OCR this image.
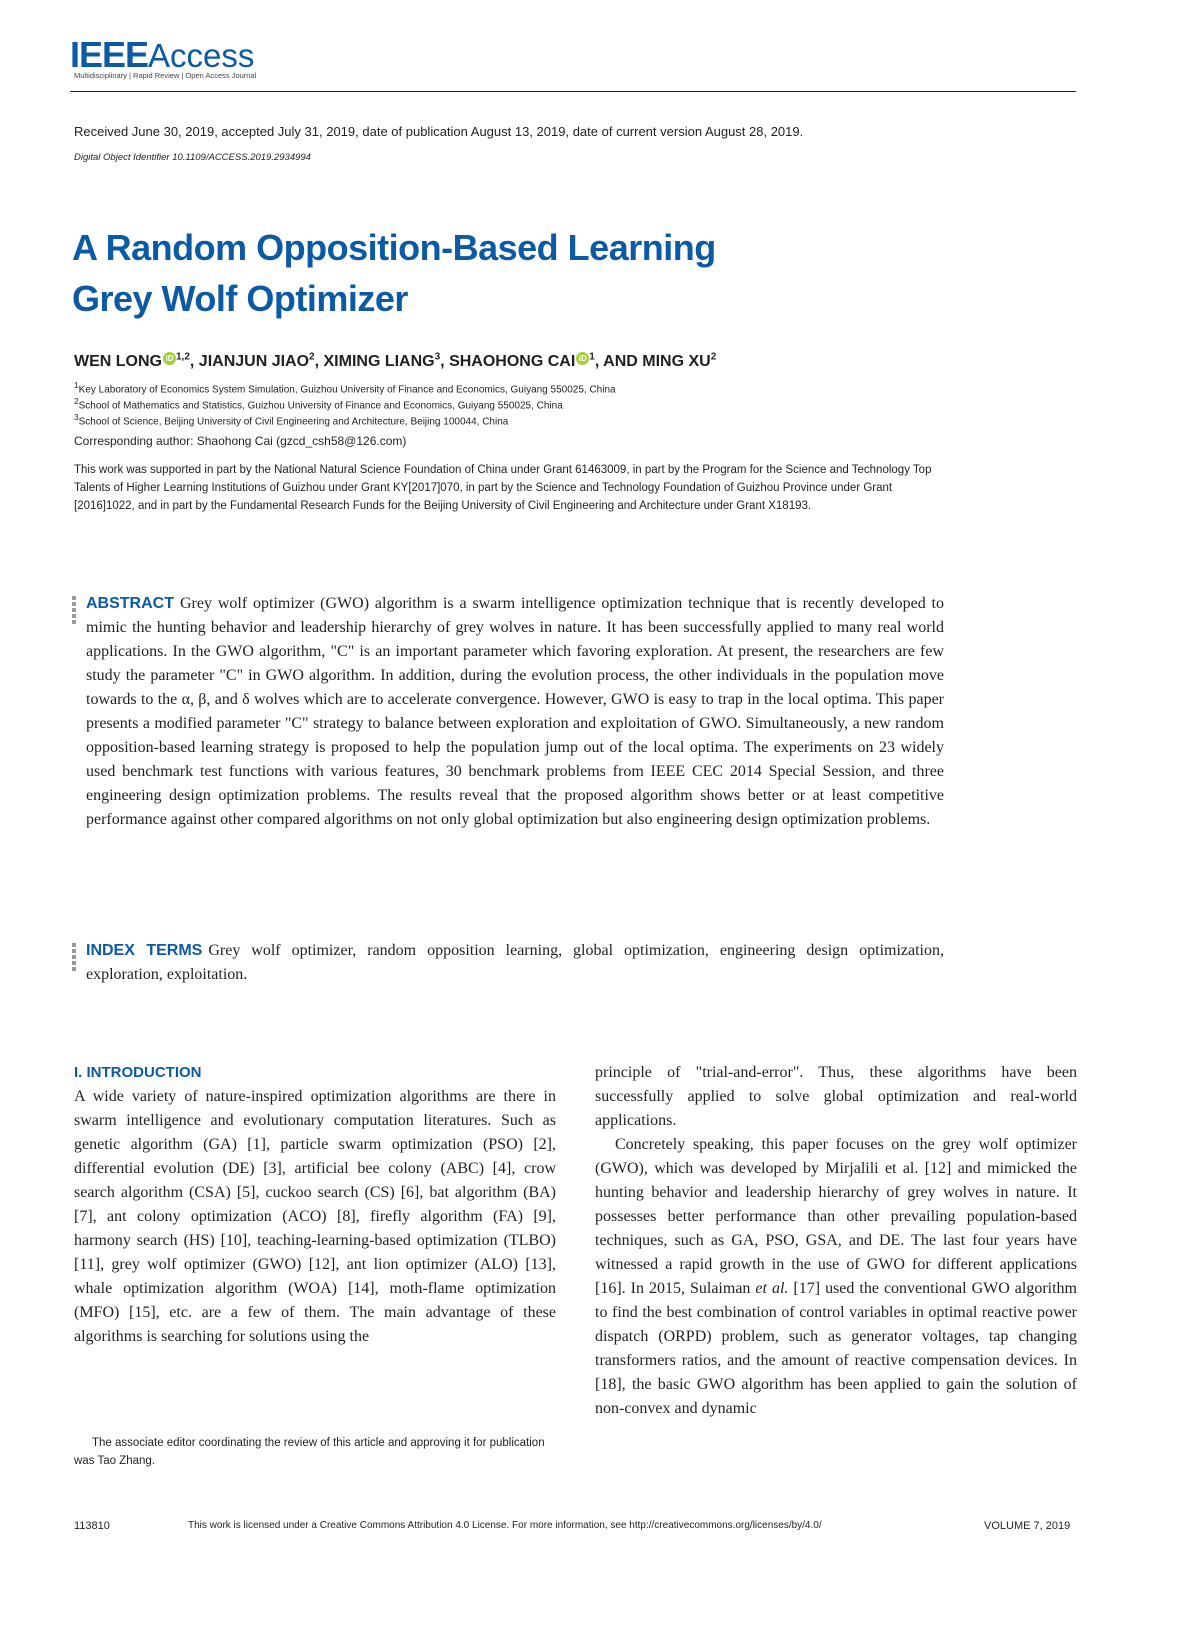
IEEEAccess
Multidisciplinary | Rapid Review | Open Access Journal
Received June 30, 2019, accepted July 31, 2019, date of publication August 13, 2019, date of current version August 28, 2019.
Digital Object Identifier 10.1109/ACCESS.2019.2934994
A Random Opposition-Based Learning
Grey Wolf Optimizer
WEN LONG iD $^{1,2}$, JIANJUN JIAO$^2$, XIMING LIANG$^3$, SHAOHONG CAI iD $^1$, AND MING $XU^2$
$^1$Key Laboratory of Economics System Simulation, Guizhou University of Finance and Economics, Guiyang 550025, China
$^2$School of Mathematics and Statistics, Guizhou University of Finance and Economics, Guiyang 550025, China
$^3$School of Science, Beijing University of Civil Engineering and Architecture, Beijing 100044, China
Corresponding author: Shaohong Cai (gzcd_csh58@126.com)
This work was supported in part by the National Natural Science Foundation of China under Grant 61463009, in part by the Program for the Science and Technology Top Talents of Higher Learning Institutions of Guizhou under Grant KY[2017]070, in part by the Science and Technology Foundation of Guizhou Province under Grant [2016]1022, and in part by the Fundamental Research Funds for the Beijing University of Civil Engineering and Architecture under Grant X18193.
ABSTRACT Grey wolf optimizer (GWO) algorithm is a swarm intelligence optimization technique that is recently developed to mimic the hunting behavior and leadership hierarchy of grey wolves in nature. It has been successfully applied to many real world applications. In the GWO algorithm, "C" is an important parameter which favoring exploration. At present, the researchers are few study the parameter "C" in GWO algorithm. In addition, during the evolution process, the other individuals in the population move towards to the α, β, and δ wolves which are to accelerate convergence. However, GWO is easy to trap in the local optima. This paper presents a modified parameter "C" strategy to balance between exploration and exploitation of GWO. Simultaneously, a new random opposition-based learning strategy is proposed to help the population jump out of the local optima. The experiments on 23 widely used benchmark test functions with various features, 30 benchmark problems from IEEE CEC 2014 Special Session, and three engineering design optimization problems. The results reveal that the proposed algorithm shows better or at least competitive performance against other compared algorithms on not only global optimization but also engineering design optimization problems.
INDEX TERMS Grey wolf optimizer, random opposition learning, global optimization, engineering design optimization, exploration, exploitation.
I. INTRODUCTION

A wide variety of nature-inspired optimization algorithms are there in swarm intelligence and evolutionary computation literatures. Such as genetic algorithm (GA) [1], particle swarm optimization (PSO) [2], differential evolution (DE) [3], artificial bee colony (ABC) [4], crow search algorithm (CSA) [5], cuckoo search (CS) [6], bat algorithm (BA) [7], ant colony optimization (ACO) [8], firefly algorithm (FA) [9], harmony search (HS) [10], teaching-learning-based optimization (TLBO) [11], grey wolf optimizer (GWO) [12], ant lion optimizer (ALO) [13], whale optimization algorithm (WOA) [14], moth-flame optimization (MFO) [15], etc. are a few of them. The main advantage of these algorithms is searching for solutions using the

principle of "trial-and-error". Thus, these algorithms have been successfully applied to solve global optimization and real-world applications.

Concretely speaking, this paper focuses on the grey wolf optimizer (GWO), which was developed by Mirjalili et al. [12] and mimicked the hunting behavior and leadership hierarchy of grey wolves in nature. It possesses better performance than other prevailing population-based techniques, such as GA, PSO, GSA, and DE. The last four years have witnessed a rapid growth in the use of GWO for different applications [16]. In 2015, Sulaiman et al. [17] used the conventional GWO algorithm to find the best combination of control variables in optimal reactive power dispatch (ORPD) problem, such as generator voltages, tap changing transformers ratios, and the amount of reactive compensation devices. In [18], the basic GWO algorithm has been applied to gain the solution of non-convex and dynamic

The associate editor coordinating the review of this article and approving it for publication was Tao Zhang.

113810	This work is licensed under a Creative Commons Attribution 4.0 License. For more information, see http://creativecommons.org/licenses/by/4.0/	VOLUME 7, 2019
